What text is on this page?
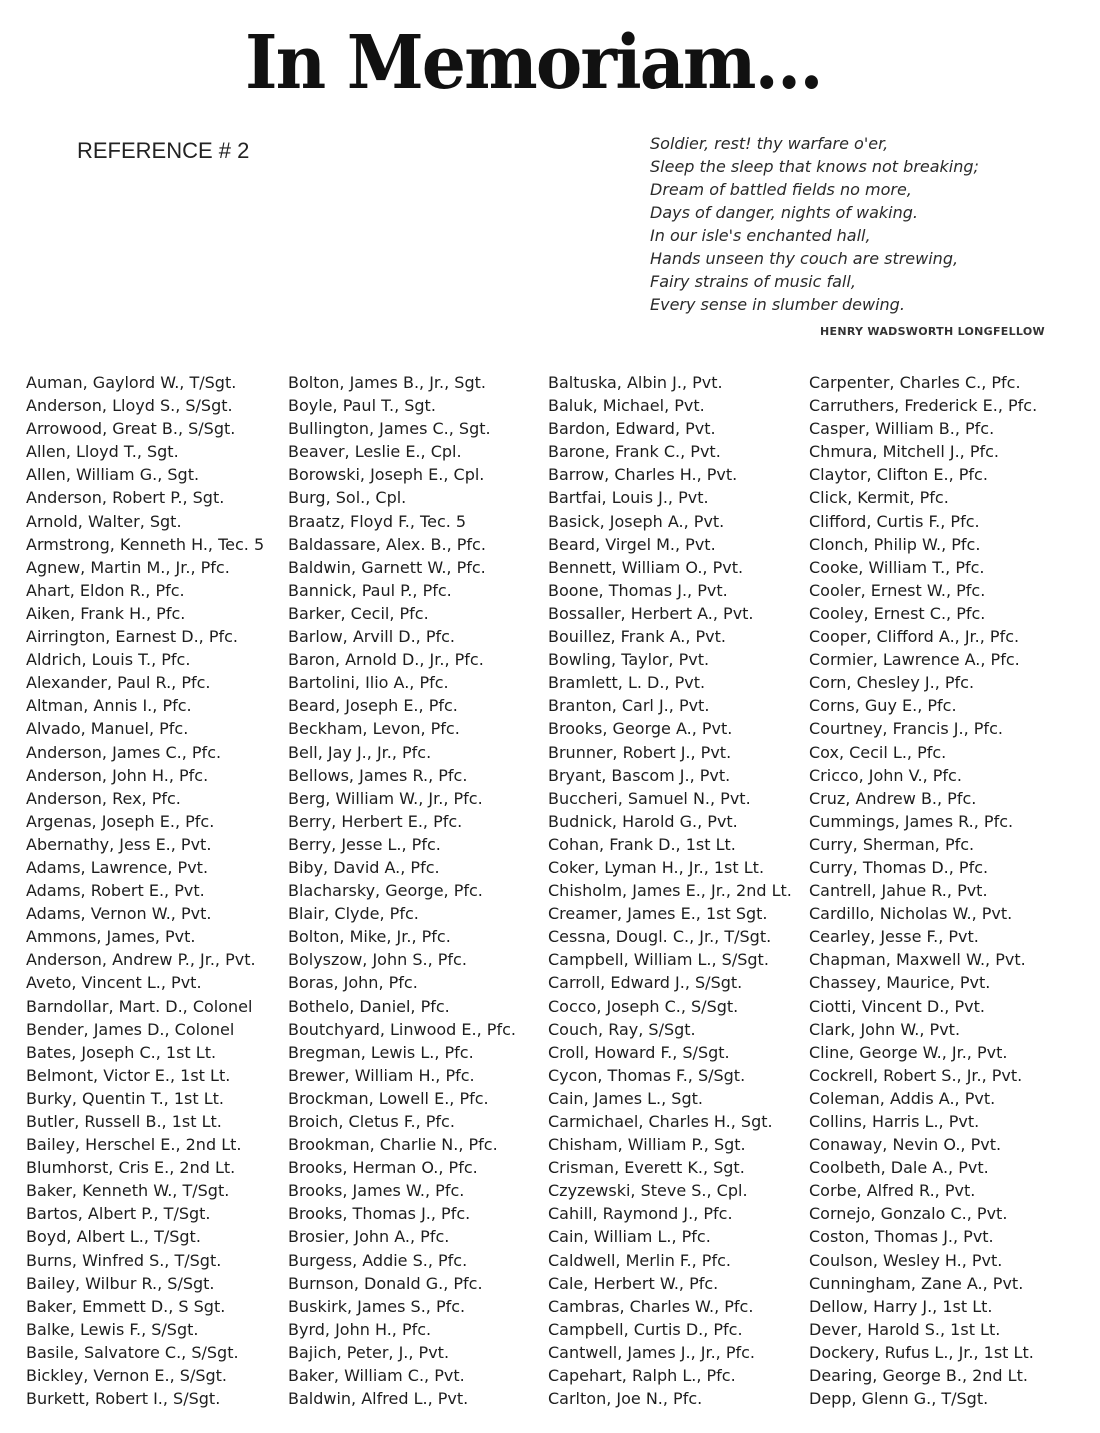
In Memoriam...
REFERENCE # 2	Soldier, rest! thy warfare o'er,
Sleep the sleep that knows not breaking;
Dream of battled fields no more,
Days of danger, nights of waking.
In our isle's enchanted hall,
Hands unseen thy couch are strewing,
Fairy strains of music fall,
Every sense in slumber dewing.
HENRY WADSWORTH LONGFELLOW
Auman, Gaylord W., T/Sgt.
Anderson, Lloyd S., S/Sgt.
Arrowood, Great B., S/Sgt.
Allen, Lloyd T., Sgt.
Allen, William G., Sgt.
Anderson, Robert P., Sgt.
Arnold, Walter, Sgt.
Armstrong, Kenneth H., Tec. 5
Agnew, Martin M., Jr., Pfc.
Ahart, Eldon R., Pfc.
Aiken, Frank H., Pfc.
Airrington, Earnest D., Pfc.
Aldrich, Louis T., Pfc.
Alexander, Paul R., Pfc.
Altman, Annis I., Pfc.
Alvado, Manuel, Pfc.
Anderson, James C., Pfc.
Anderson, John H., Pfc.
Anderson, Rex, Pfc.
Argenas, Joseph E., Pfc.
Abernathy, Jess E., Pvt.
Adams, Lawrence, Pvt.
Adams, Robert E., Pvt.
Adams, Vernon W., Pvt.
Ammons, James, Pvt.
Anderson, Andrew P., Jr., Pvt.
Aveto, Vincent L., Pvt.
Barndollar, Mart. D., Colonel
Bender, James D., Colonel
Bates, Joseph C., 1st Lt.
Belmont, Victor E., 1st Lt.
Burky, Quentin T., 1st Lt.
Butler, Russell B., 1st Lt.
Bailey, Herschel E., 2nd Lt.
Blumhorst, Cris E., 2nd Lt.
Baker, Kenneth W., T/Sgt.
Bartos, Albert P., T/Sgt.
Boyd, Albert L., T/Sgt.
Burns, Winfred S., T/Sgt.
Bailey, Wilbur R., S/Sgt.
Baker, Emmett D., S Sgt.
Balke, Lewis F., S/Sgt.
Basile, Salvatore C., S/Sgt.
Bickley, Vernon E., S/Sgt.
Burkett, Robert I., S/Sgt.
Bolton, James B., Jr., Sgt.
Boyle, Paul T., Sgt.
Bullington, James C., Sgt.
Beaver, Leslie E., Cpl.
Borowski, Joseph E., Cpl.
Burg, Sol., Cpl.
Braatz, Floyd F., Tec. 5
Baldassare, Alex. B., Pfc.
Baldwin, Garnett W., Pfc.
Bannick, Paul P., Pfc.
Barker, Cecil, Pfc.
Barlow, Arvill D., Pfc.
Baron, Arnold D., Jr., Pfc.
Bartolini, Ilio A., Pfc.
Beard, Joseph E., Pfc.
Beckham, Levon, Pfc.
Bell, Jay J., Jr., Pfc.
Bellows, James R., Pfc.
Berg, William W., Jr., Pfc.
Berry, Herbert E., Pfc.
Berry, Jesse L., Pfc.
Biby, David A., Pfc.
Blacharsky, George, Pfc.
Blair, Clyde, Pfc.
Bolton, Mike, Jr., Pfc.
Bolyszow, John S., Pfc.
Boras, John, Pfc.
Bothelo, Daniel, Pfc.
Boutchyard, Linwood E., Pfc.
Bregman, Lewis L., Pfc.
Brewer, William H., Pfc.
Brockman, Lowell E., Pfc.
Broich, Cletus F., Pfc.
Brookman, Charlie N., Pfc.
Brooks, Herman O., Pfc.
Brooks, James W., Pfc.
Brooks, Thomas J., Pfc.
Brosier, John A., Pfc.
Burgess, Addie S., Pfc.
Burnson, Donald G., Pfc.
Buskirk, James S., Pfc.
Byrd, John H., Pfc.
Bajich, Peter, J., Pvt.
Baker, William C., Pvt.
Baldwin, Alfred L., Pvt.
Baltuska, Albin J., Pvt.
Baluk, Michael, Pvt.
Bardon, Edward, Pvt.
Barone, Frank C., Pvt.
Barrow, Charles H., Pvt.
Bartfai, Louis J., Pvt.
Basick, Joseph A., Pvt.
Beard, Virgel M., Pvt.
Bennett, William O., Pvt.
Boone, Thomas J., Pvt.
Bossaller, Herbert A., Pvt.
Bouillez, Frank A., Pvt.
Bowling, Taylor, Pvt.
Bramlett, L. D., Pvt.
Branton, Carl J., Pvt.
Brooks, George A., Pvt.
Brunner, Robert J., Pvt.
Bryant, Bascom J., Pvt.
Buccheri, Samuel N., Pvt.
Budnick, Harold G., Pvt.
Cohan, Frank D., 1st Lt.
Coker, Lyman H., Jr., 1st Lt.
Chisholm, James E., Jr., 2nd Lt.
Creamer, James E., 1st Sgt.
Cessna, Dougl. C., Jr., T/Sgt.
Campbell, William L., S/Sgt.
Carroll, Edward J., S/Sgt.
Cocco, Joseph C., S/Sgt.
Couch, Ray, S/Sgt.
Croll, Howard F., S/Sgt.
Cycon, Thomas F., S/Sgt.
Cain, James L., Sgt.
Carmichael, Charles H., Sgt.
Chisham, William P., Sgt.
Crisman, Everett K., Sgt.
Czyzewski, Steve S., Cpl.
Cahill, Raymond J., Pfc.
Cain, William L., Pfc.
Caldwell, Merlin F., Pfc.
Cale, Herbert W., Pfc.
Cambras, Charles W., Pfc.
Campbell, Curtis D., Pfc.
Cantwell, James J., Jr., Pfc.
Capehart, Ralph L., Pfc.
Carlton, Joe N., Pfc.
Carpenter, Charles C., Pfc.
Carruthers, Frederick E., Pfc.
Casper, William B., Pfc.
Chmura, Mitchell J., Pfc.
Claytor, Clifton E., Pfc.
Click, Kermit, Pfc.
Clifford, Curtis F., Pfc.
Clonch, Philip W., Pfc.
Cooke, William T., Pfc.
Cooler, Ernest W., Pfc.
Cooley, Ernest C., Pfc.
Cooper, Clifford A., Jr., Pfc.
Cormier, Lawrence A., Pfc.
Corn, Chesley J., Pfc.
Corns, Guy E., Pfc.
Courtney, Francis J., Pfc.
Cox, Cecil L., Pfc.
Cricco, John V., Pfc.
Cruz, Andrew B., Pfc.
Cummings, James R., Pfc.
Curry, Sherman, Pfc.
Curry, Thomas D., Pfc.
Cantrell, Jahue R., Pvt.
Cardillo, Nicholas W., Pvt.
Cearley, Jesse F., Pvt.
Chapman, Maxwell W., Pvt.
Chassey, Maurice, Pvt.
Ciotti, Vincent D., Pvt.
Clark, John W., Pvt.
Cline, George W., Jr., Pvt.
Cockrell, Robert S., Jr., Pvt.
Coleman, Addis A., Pvt.
Collins, Harris L., Pvt.
Conaway, Nevin O., Pvt.
Coolbeth, Dale A., Pvt.
Corbe, Alfred R., Pvt.
Cornejo, Gonzalo C., Pvt.
Coston, Thomas J., Pvt.
Coulson, Wesley H., Pvt.
Cunningham, Zane A., Pvt.
Dellow, Harry J., 1st Lt.
Dever, Harold S., 1st Lt.
Dockery, Rufus L., Jr., 1st Lt.
Dearing, George B., 2nd Lt.
Depp, Glenn G., T/Sgt.
